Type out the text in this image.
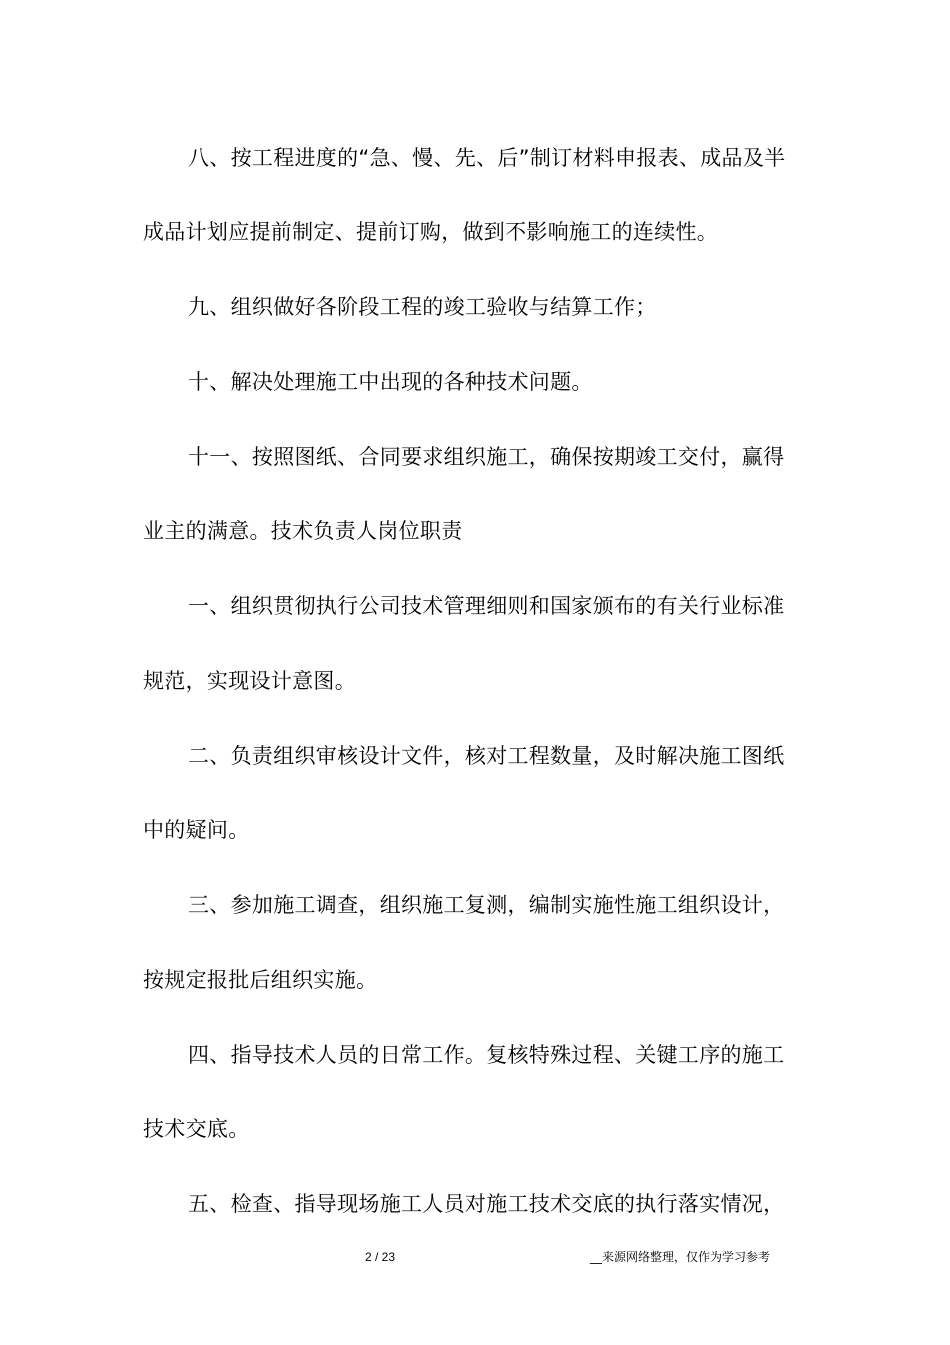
八、按工程进度的“急、慢、先、后”制订材料申报表、成品及半
成品计划应提前制定、提前订购，做到不影响施工的连续性。
九、组织做好各阶段工程的竣工验收与结算工作；
十、解决处理施工中出现的各种技术问题。
十一、按照图纸、合同要求组织施工，确保按期竣工交付，赢得
业主的满意。技术负责人岗位职责
一、组织贯彻执行公司技术管理细则和国家颁布的有关行业标准
规范，实现设计意图。
二、负责组织审核设计文件，核对工程数量，及时解决施工图纸
中的疑问。
三、参加施工调查，组织施工复测，编制实施性施工组织设计，
按规定报批后组织实施。
四、指导技术人员的日常工作。复核特殊过程、关键工序的施工
技术交底。
五、检查、指导现场施工人员对施工技术交底的执行落实情况，
2 / 23	__来源网络整理，仅作为学习参考
